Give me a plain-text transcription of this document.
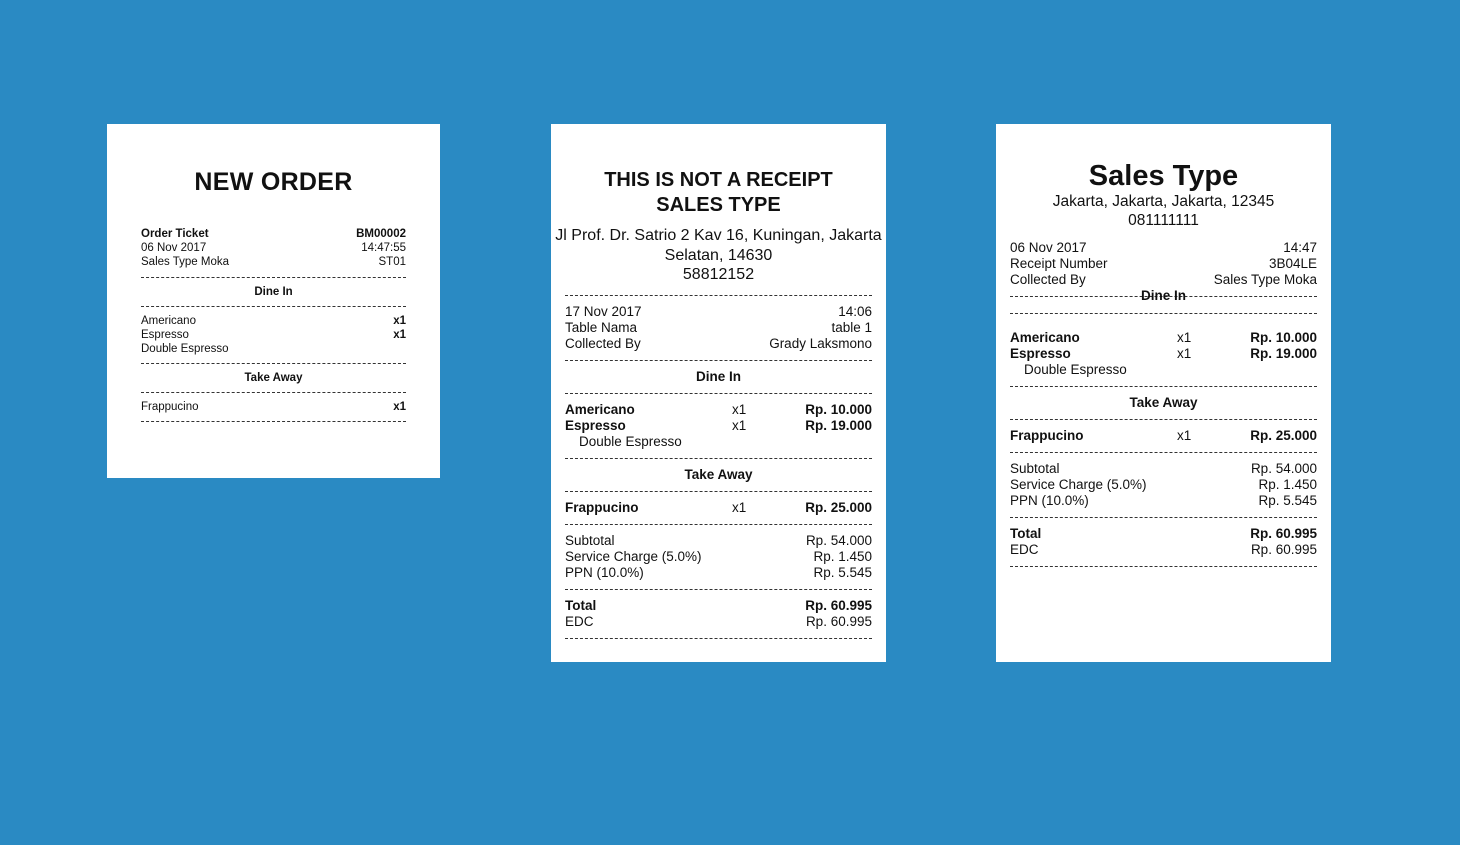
NEW ORDER
Order Ticket	BM00002
06 Nov 2017	14:47:55
Sales Type Moka	ST01
Dine In
Americano	x1
Espresso	x1
Double Espresso
Take Away
Frappucino	x1
THIS IS NOT A RECEIPT
SALES TYPE
Jl Prof. Dr. Satrio 2 Kav 16, Kuningan, Jakarta
Selatan, 14630
58812152
17 Nov 2017	14:06
Table Nama	table 1
Collected By	Grady Laksmono
Dine In
Americano	x1	Rp. 10.000
Espresso	x1	Rp. 19.000
Double Espresso
Take Away
Frappucino	x1	Rp. 25.000
Subtotal	Rp. 54.000
Service Charge (5.0%)	Rp. 1.450
PPN (10.0%)	Rp. 5.545
Total	Rp. 60.995
EDC	Rp. 60.995
Sales Type
Jakarta, Jakarta, Jakarta, 12345
081111111
06 Nov 2017	14:47
Receipt Number	3B04LE
Collected By	Sales Type Moka
Dine In
Americano	x1	Rp. 10.000
Espresso	x1	Rp. 19.000
Double Espresso
Take Away
Frappucino	x1	Rp. 25.000
Subtotal	Rp. 54.000
Service Charge (5.0%)	Rp. 1.450
PPN (10.0%)	Rp. 5.545
Total	Rp. 60.995
EDC	Rp. 60.995
